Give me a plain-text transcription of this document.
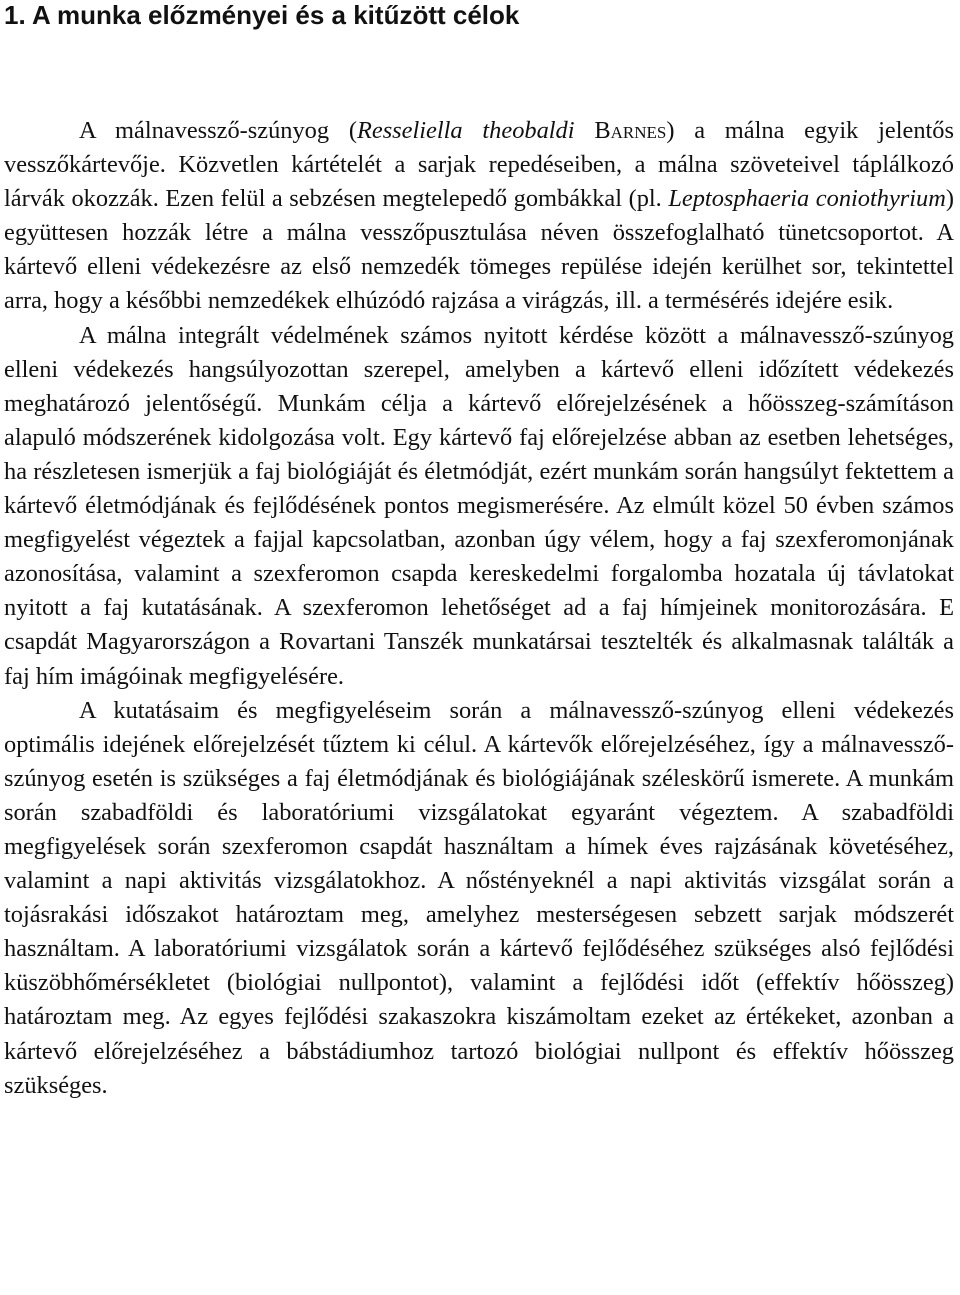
1. A munka előzményei és a kitűzött célok

A málnavessző-szúnyog (Resseliella theobaldi Barnes) a málna egyik jelentős vesszőkártevője. Közvetlen kártételét a sarjak repedéseiben, a málna szöveteivel táplálkozó lárvák okozzák. Ezen felül a sebzésen megtelepedő gombákkal (pl. Leptosphaeria coniothyrium) együttesen hozzák létre a málna vesszőpusztulása néven összefoglalható tünetcsoportot. A kártevő elleni védekezésre az első nemzedék tömeges repülése idején kerülhet sor, tekintettel arra, hogy a későbbi nemzedékek elhúzódó rajzása a virágzás, ill. a termésérés idejére esik.

A málna integrált védelmének számos nyitott kérdése között a málnavessző-szúnyog elleni védekezés hangsúlyozottan szerepel, amelyben a kártevő elleni időzített védekezés meghatározó jelentőségű. Munkám célja a kártevő előrejelzésének a hőösszeg-számításon alapuló módszerének kidolgozása volt. Egy kártevő faj előrejelzése abban az esetben lehetséges, ha részletesen ismerjük a faj biológiáját és életmódját, ezért munkám során hangsúlyt fektettem a kártevő életmódjának és fejlődésének pontos megismerésére. Az elmúlt közel 50 évben számos megfigyelést végeztek a fajjal kapcsolatban, azonban úgy vélem, hogy a faj szexferomonjának azonosítása, valamint a szexferomon csapda kereskedelmi forgalomba hozatala új távlatokat nyitott a faj kutatásának. A szexferomon lehetőséget ad a faj hímjeinek monitorozására. E csapdát Magyarországon a Rovartani Tanszék munkatársai tesztelték és alkalmasnak találták a faj hím imágóinak megfigyelésére.

A kutatásaim és megfigyeléseim során a málnavessző-szúnyog elleni védekezés optimális idejének előrejelzését tűztem ki célul. A kártevők előrejelzéséhez, így a málnavessző-szúnyog esetén is szükséges a faj életmódjának és biológiájának széleskörű ismerete. A munkám során szabadföldi és laboratóriumi vizsgálatokat egyaránt végeztem. A szabadföldi megfigyelések során szexferomon csapdát használtam a hímek éves rajzásának követéséhez, valamint a napi aktivitás vizsgálatokhoz. A nőstényeknél a napi aktivitás vizsgálat során a tojásrakási időszakot határoztam meg, amelyhez mesterségesen sebzett sarjak módszerét használtam. A laboratóriumi vizsgálatok során a kártevő fejlődéséhez szükséges alsó fejlődési küszöbhőmérsékletet (biológiai nullpontot), valamint a fejlődési időt (effektív hőösszeg) határoztam meg. Az egyes fejlődési szakaszokra kiszámoltam ezeket az értékeket, azonban a kártevő előrejelzéséhez a bábstádiumhoz tartozó biológiai nullpont és effektív hőösszeg szükséges.
